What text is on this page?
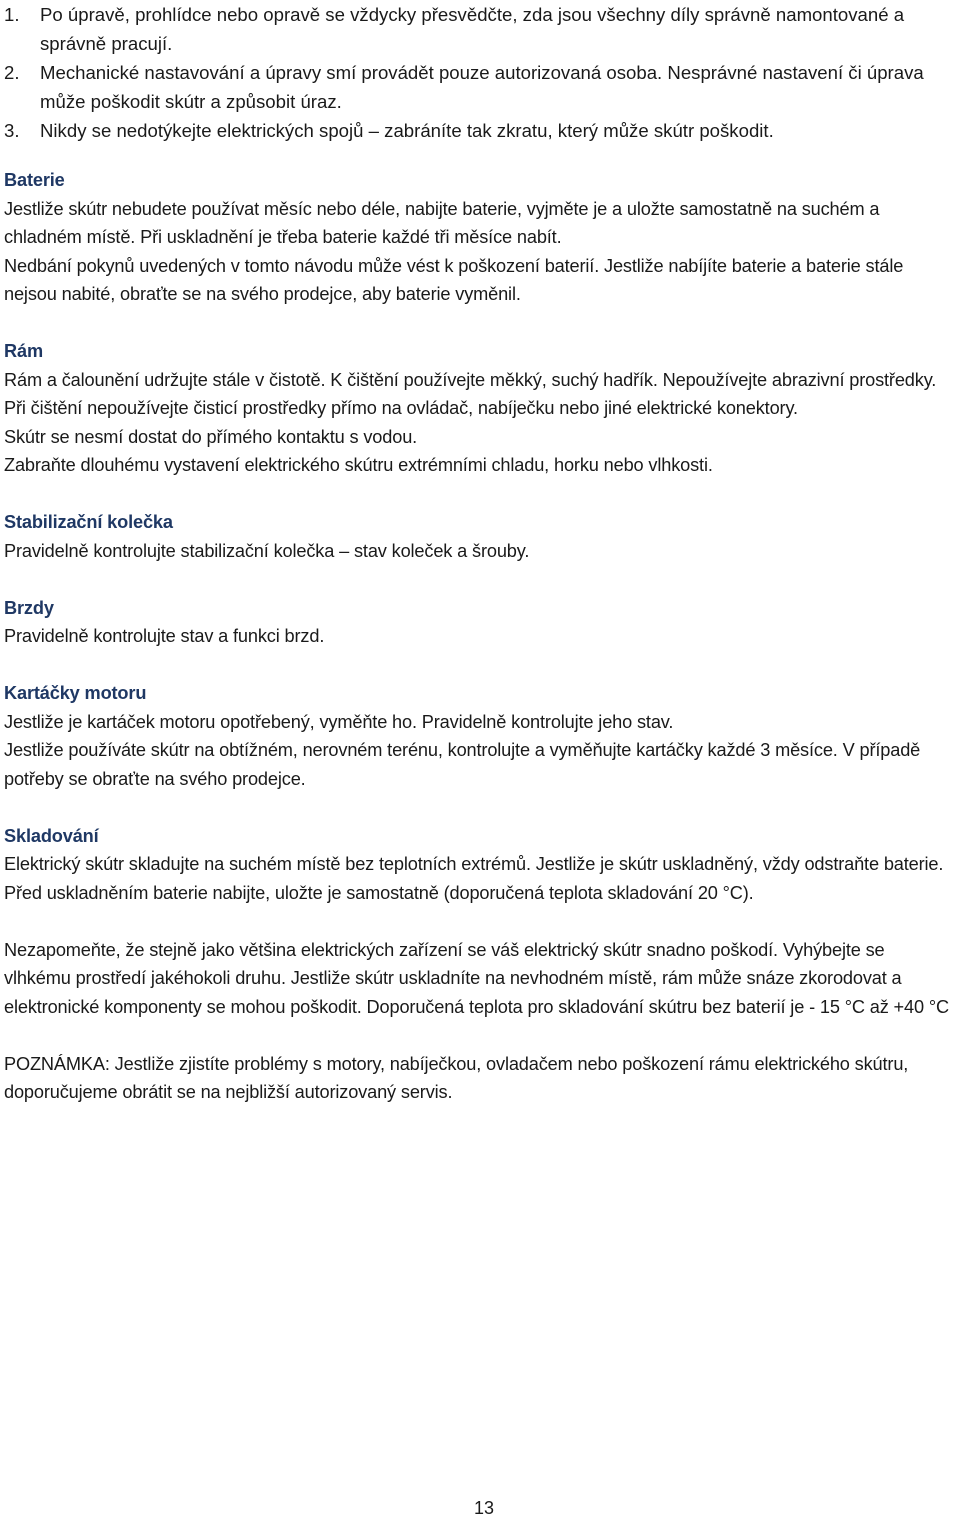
1. Po úpravě, prohlídce nebo opravě se vždycky přesvědčte, zda jsou všechny díly správně namontované a správně pracují.
2. Mechanické nastavování a úpravy smí provádět pouze autorizovaná osoba. Nesprávné nastavení či úprava může poškodit skútr a způsobit úraz.
3. Nikdy se nedotýkejte elektrických spojů – zabráníte tak zkratu, který může skútr poškodit.
Baterie

Jestliže skútr nebudete používat měsíc nebo déle, nabijte baterie, vyjměte je a uložte samostatně na suchém a chladném místě. Při uskladnění je třeba baterie každé tři měsíce nabít.

Nedbání pokynů uvedených v tomto návodu může vést k poškození baterií. Jestliže nabíjíte baterie a baterie stále nejsou nabité, obraťte se na svého prodejce, aby baterie vyměnil.

Rám

Rám a čalounění udržujte stále v čistotě. K čištění používejte měkký, suchý hadřík. Nepoužívejte abrazivní prostředky. Při čištění nepoužívejte čisticí prostředky přímo na ovládač, nabíječku nebo jiné elektrické konektory.

Skútr se nesmí dostat do přímého kontaktu s vodou.

Zabraňte dlouhému vystavení elektrického skútru extrémními chladu, horku nebo vlhkosti.

Stabilizační kolečka

Pravidelně kontrolujte stabilizační kolečka – stav koleček a šrouby.

Brzdy

Pravidelně kontrolujte stav a funkci brzd.

Kartáčky motoru

Jestliže je kartáček motoru opotřebený, vyměňte ho. Pravidelně kontrolujte jeho stav.

Jestliže používáte skútr na obtížném, nerovném terénu, kontrolujte a vyměňujte kartáčky každé 3 měsíce. V případě potřeby se obraťte na svého prodejce.

Skladování

Elektrický skútr skladujte na suchém místě bez teplotních extrémů. Jestliže je skútr uskladněný, vždy odstraňte baterie. Před uskladněním baterie nabijte, uložte je samostatně (doporučená teplota skladování 20 °C).

Nezapomeňte, že stejně jako většina elektrických zařízení se váš elektrický skútr snadno poškodí. Vyhýbejte se vlhkému prostředí jakéhokoli druhu. Jestliže skútr uskladníte na nevhodném místě, rám může snáze zkorodovat a elektronické komponenty se mohou poškodit. Doporučená teplota pro skladování skútru bez baterií je - 15 °C až +40 °C

POZNÁMKA: Jestliže zjistíte problémy s motory, nabíječkou, ovladačem nebo poškození rámu elektrického skútru, doporučujeme obrátit se na nejbližší autorizovaný servis.

13
